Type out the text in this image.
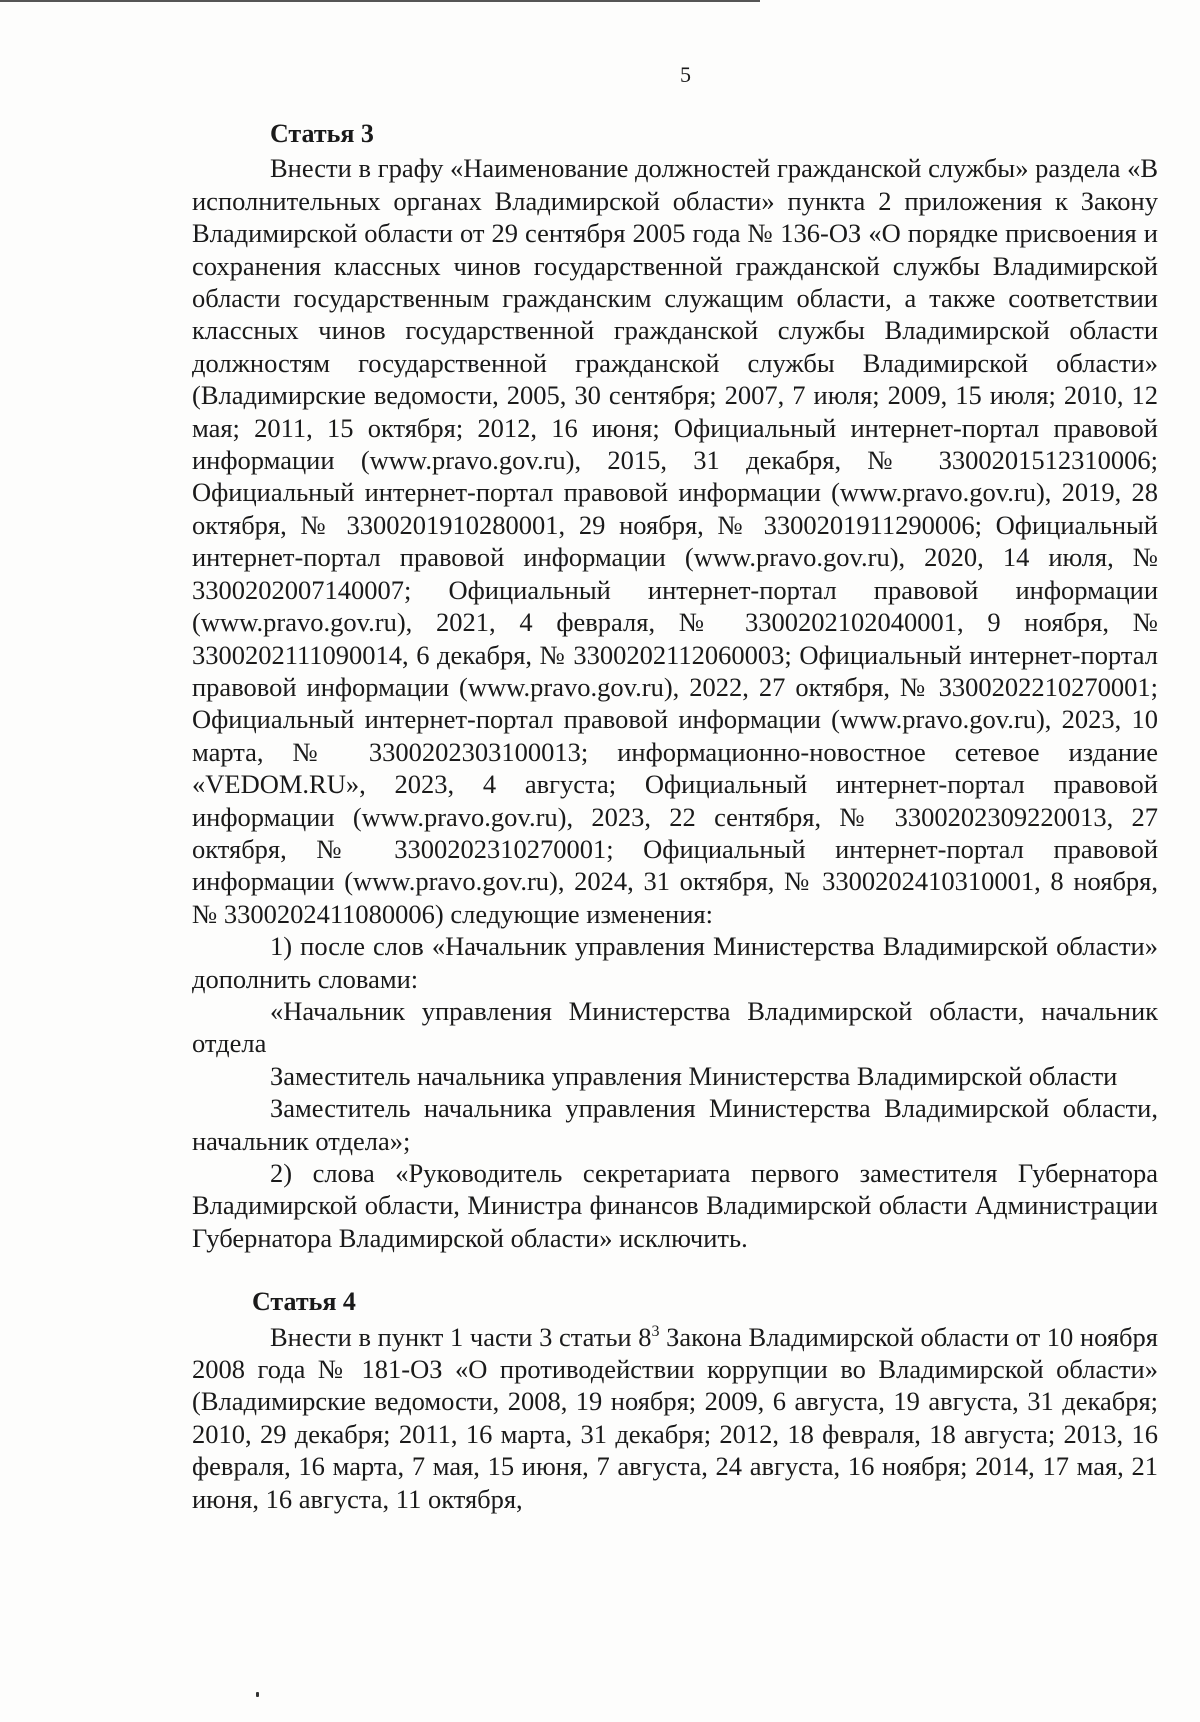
5
Статья 3

Внести в графу «Наименование должностей гражданской службы» раздела «В исполнительных органах Владимирской области» пункта 2 приложения к Закону Владимирской области от 29 сентября 2005 года № 136-ОЗ «О порядке присвоения и сохранения классных чинов государственной гражданской службы Владимирской области государственным гражданским служащим области, а также соответствии классных чинов государственной гражданской службы Владимирской области должностям государственной гражданской службы Владимирской области» (Владимирские ведомости, 2005, 30 сентября; 2007, 7 июля; 2009, 15 июля; 2010, 12 мая; 2011, 15 октября; 2012, 16 июня; Официальный интернет-портал правовой информации (www.pravo.gov.ru), 2015, 31 декабря, № 3300201512310006; Официальный интернет-портал правовой информации (www.pravo.gov.ru), 2019, 28 октября, № 3300201910280001, 29 ноября, № 3300201911290006; Официальный интернет-портал правовой информации (www.pravo.gov.ru), 2020, 14 июля, № 3300202007140007; Официальный интернет-портал правовой информации (www.pravo.gov.ru), 2021, 4 февраля, № 3300202102040001, 9 ноября, № 3300202111090014, 6 декабря, № 3300202112060003; Официальный интернет-портал правовой информации (www.pravo.gov.ru), 2022, 27 октября, № 3300202210270001; Официальный интернет-портал правовой информации (www.pravo.gov.ru), 2023, 10 марта, № 3300202303100013; информационно-новостное сетевое издание «VEDOM.RU», 2023, 4 августа; Официальный интернет-портал правовой информации (www.pravo.gov.ru), 2023, 22 сентября, № 3300202309220013, 27 октября, № 3300202310270001; Официальный интернет-портал правовой информации (www.pravo.gov.ru), 2024, 31 октября, № 3300202410310001, 8 ноября, № 3300202411080006) следующие изменения:

1) после слов «Начальник управления Министерства Владимирской области» дополнить словами:

«Начальник управления Министерства Владимирской области, начальник отдела

Заместитель начальника управления Министерства Владимирской области

Заместитель начальника управления Министерства Владимирской области, начальник отдела»;

2) слова «Руководитель секретариата первого заместителя Губернатора Владимирской области, Министра финансов Владимирской области Администрации Губернатора Владимирской области» исключить.

Статья 4

Внести в пункт 1 части 3 статьи $8^3$ Закона Владимирской области от 10 ноября 2008 года № 181-ОЗ «О противодействии коррупции во Владимирской области» (Владимирские ведомости, 2008, 19 ноября; 2009, 6 августа, 19 августа, 31 декабря; 2010, 29 декабря; 2011, 16 марта, 31 декабря; 2012, 18 февраля, 18 августа; 2013, 16 февраля, 16 марта, 7 мая, 15 июня, 7 августа, 24 августа, 16 ноября; 2014, 17 мая, 21 июня, 16 августа, 11 октября,
